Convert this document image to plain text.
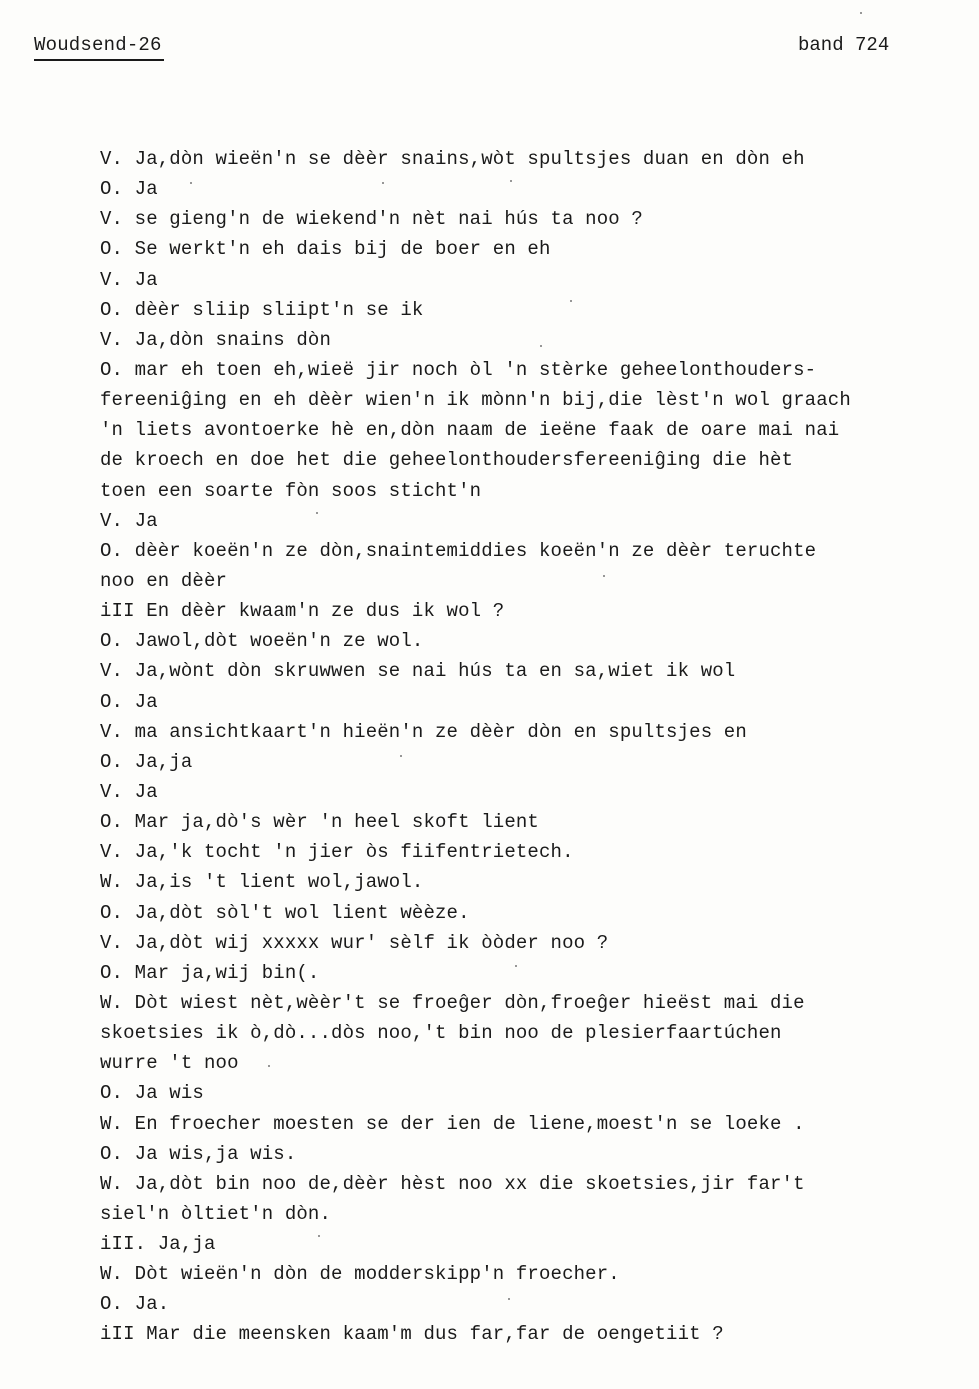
Woudsend-26	band 724
V. Ja,dòn wieën'n se dèèr snains,wòt spultsjes duan en dòn eh
O. Ja
V. se gieng'n de wiekend'n nèt nai hús ta noo ?
O. Se werkt'n eh dais bij de boer en eh
V. Ja
O. dèèr sliip sliipt'n se ik
V. Ja,dòn snains dòn
O. mar eh toen eh,wieë jir noch òl 'n stèrke geheelonthouders-
fereeniĝing en eh dèèr wien'n ik mònn'n bij,die lèst'n wol graach
'n liets avontoerke hè en,dòn naam de ieëne faak de oare mai nai
de kroech en doe het die geheelonthoudersfereeniĝing die hèt
toen een soarte fòn soos sticht'n
V. Ja
O. dèèr koeën'n ze dòn,snaintemiddies koeën'n ze dèèr teruchte
noo en dèèr
iII En dèèr kwaam'n ze dus ik wol ?
O. Jawol,dòt woeën'n ze wol.
V. Ja,wònt dòn skruwwen se nai hús ta en sa,wiet ik wol
O. Ja
V. ma ansichtkaart'n hieën'n ze dèèr dòn en spultsjes en
O. Ja,ja
V. Ja
O. Mar ja,dò's wèr 'n heel skoft lient
V. Ja,'k tocht 'n jier òs fiifentrietech.
W. Ja,is 't lient wol,jawol.
O. Ja,dòt sòl't wol lient wèèze.
V. Ja,dòt wij xxxxx wur' sèlf ik òòder noo ?
O. Mar ja,wij bin(.
W. Dòt wiest nèt,wèèr't se froeĝer dòn,froeĝer hieëst mai die
skoetsies ik ò,dò...dòs noo,'t bin noo de plesierfaartúchen
wurre 't noo
O. Ja wis
W. En froecher moesten se der ien de liene,moest'n se loeke .
O. Ja wis,ja wis.
W. Ja,dòt bin noo de,dèèr hèst noo xx die skoetsies,jir far't
siel'n òltiet'n dòn.
iII. Ja,ja
W. Dòt wieën'n dòn de modderskipp'n froecher.
O. Ja.
iII Mar die meensken kaam'm dus far,far de oengetiit ?
